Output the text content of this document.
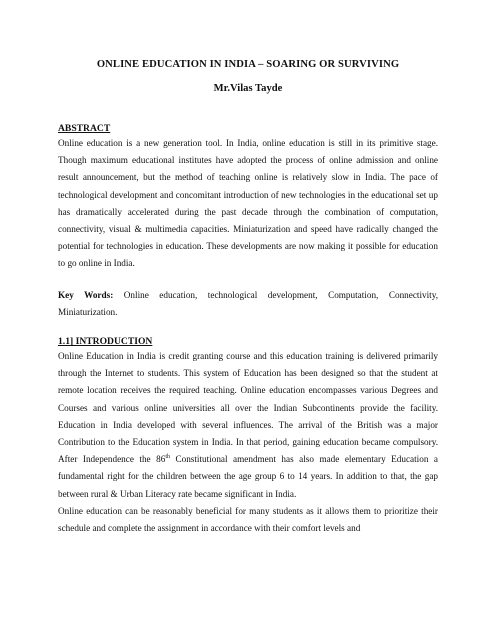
ONLINE EDUCATION IN INDIA – SOARING OR SURVIVING
Mr.Vilas Tayde
ABSTRACT

Online education is a new generation tool. In India, online education is still in its primitive stage. Though maximum educational institutes have adopted the process of online admission and online result announcement, but the method of teaching online is relatively slow in India. The pace of technological development and concomitant introduction of new technologies in the educational set up has dramatically accelerated during the past decade through the combination of computation, connectivity, visual & multimedia capacities. Miniaturization and speed have radically changed the potential for technologies in education. These developments are now making it possible for education to go online in India.

Key Words: Online education, technological development, Computation, Connectivity, Miniaturization.

1.1] INTRODUCTION

Online Education in India is credit granting course and this education training is delivered primarily through the Internet to students. This system of Education has been designed so that the student at remote location receives the required teaching. Online education encompasses various Degrees and Courses and various online universities all over the Indian Subcontinents provide the facility. Education in India developed with several influences. The arrival of the British was a major Contribution to the Education system in India. In that period, gaining education became compulsory. After Independence the 86th Constitutional amendment has also made elementary Education a fundamental right for the children between the age group 6 to 14 years. In addition to that, the gap between rural & Urban Literacy rate became significant in India.

Online education can be reasonably beneficial for many students as it allows them to prioritize their schedule and complete the assignment in accordance with their comfort levels and
